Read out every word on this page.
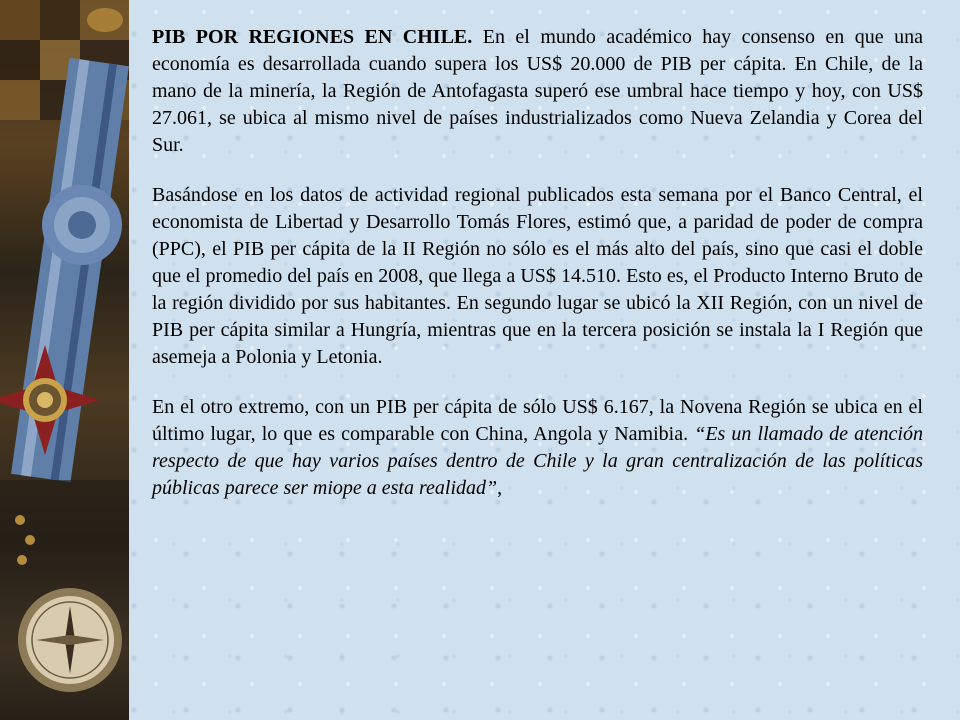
PIB POR REGIONES EN CHILE. En el mundo académico hay consenso en que una economía es desarrollada cuando supera los US$ 20.000 de PIB per cápita. En Chile, de la mano de la minería, la Región de Antofagasta superó ese umbral hace tiempo y hoy, con US$ 27.061, se ubica al mismo nivel de países industrializados como Nueva Zelandia y Corea del Sur.

Basándose en los datos de actividad regional publicados esta semana por el Banco Central, el economista de Libertad y Desarrollo Tomás Flores, estimó que, a paridad de poder de compra (PPC), el PIB per cápita de la II Región no sólo es el más alto del país, sino que casi el doble que el promedio del país en 2008, que llega a US$ 14.510. Esto es, el Producto Interno Bruto de la región dividido por sus habitantes. En segundo lugar se ubicó la XII Región, con un nivel de PIB per cápita similar a Hungría, mientras que en la tercera posición se instala la I Región que asemeja a Polonia y Letonia.

En el otro extremo, con un PIB per cápita de sólo US$ 6.167, la Novena Región se ubica en el último lugar, lo que es comparable con China, Angola y Namibia. “Es un llamado de atención respecto de que hay varios países dentro de Chile y la gran centralización de las políticas públicas parece ser miope a esta realidad”,
